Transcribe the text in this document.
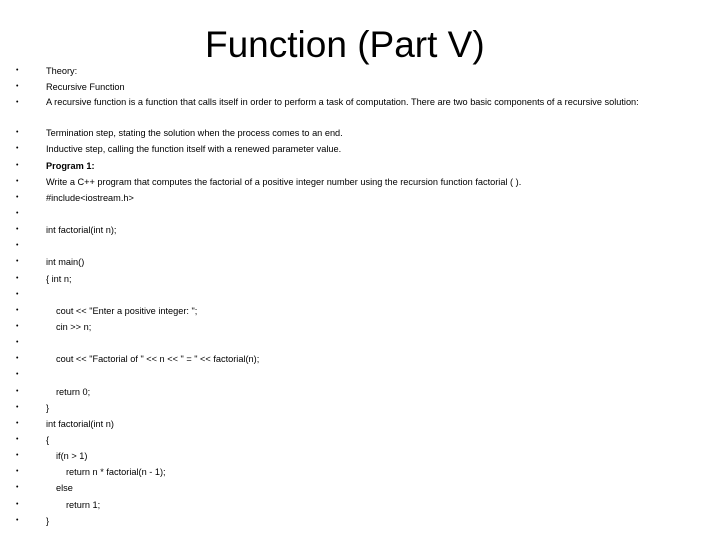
Function (Part V)
•	Theory:
•	Recursive Function
•	A recursive function is a function that calls itself in order to perform a task of computation. There are two basic components of a recursive solution:
•	Termination step, stating the solution when the process comes to an end.
•	Inductive step, calling the function itself with a renewed parameter value.
•	Program 1:
•	Write a C++ program that computes the factorial of a positive integer number using the recursion function factorial ( ).
•	#include<iostream.h>
•
•	int factorial(int n);
•
•	int main()
•	{ int n;
•
•	cout << "Enter a positive integer: ";
•	cin >> n;
•
•	cout << "Factorial of " << n << " = " << factorial(n);
•
•	return 0;
•	}
•	int factorial(int n)
•	{
•	if(n > 1)
•	return n * factorial(n - 1);
•	else
•	return 1;
•	}
